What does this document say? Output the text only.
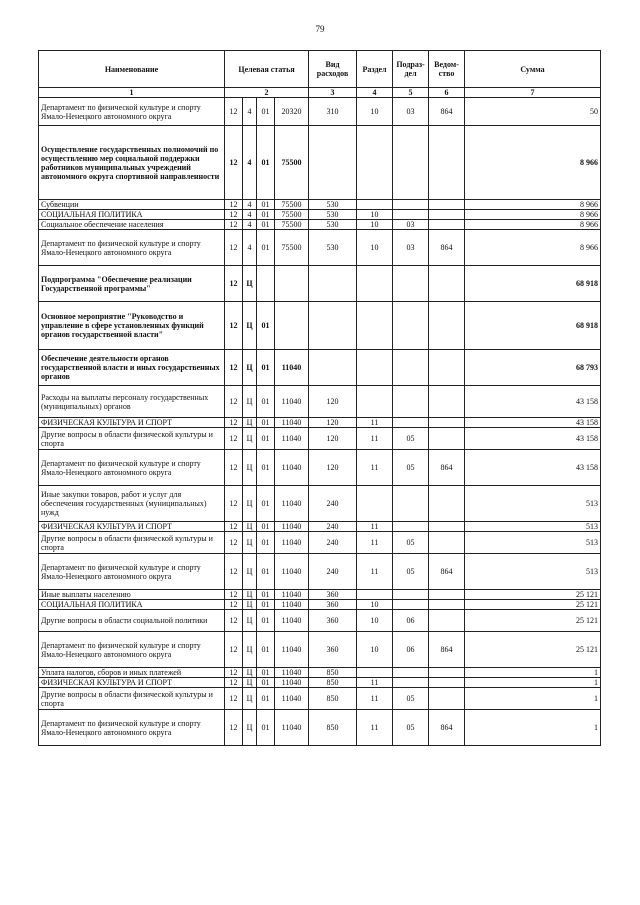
79
Наименование	Целевая статья				Вид расходов	Раздел	Подраз-дел	Ведом-ство	Сумма
1	2				3	4	5	6	7
Департамент по физической культуре и спорту Ямало-Ненецкого автономного округа	12	4	01	20320	310	10	03	864	50
Осуществление государственных полномочий по осуществлению мер социальной поддержки работников муниципальных учреждений автономного округа спортивной направленности	12	4	01	75500					8 966
Субвенции	12	4	01	75500	530				8 966
СОЦИАЛЬНАЯ ПОЛИТИКА	12	4	01	75500	530	10			8 966
Социальное обеспечение населения	12	4	01	75500	530	10	03		8 966
Департамент по физической культуре и спорту Ямало-Ненецкого автономного округа	12	4	01	75500	530	10	03	864	8 966
Подпрограмма "Обеспечение реализации Государственной программы"	12	Ц							68 918
Основное мероприятие "Руководство и управление в сфере установленных функций органов государственной власти"	12	Ц	01						68 918
Обеспечение деятельности органов государственной власти и иных государственных органов	12	Ц	01	11040					68 793
Расходы на выплаты персоналу государственных (муниципальных) органов	12	Ц	01	11040	120				43 158
ФИЗИЧЕСКАЯ КУЛЬТУРА И СПОРТ	12	Ц	01	11040	120	11			43 158
Другие вопросы в области физической культуры и спорта	12	Ц	01	11040	120	11	05		43 158
Департамент по физической культуре и спорту Ямало-Ненецкого автономного округа	12	Ц	01	11040	120	11	05	864	43 158
Иные закупки товаров, работ и услуг для обеспечения государственных (муниципальных) нужд	12	Ц	01	11040	240				513
ФИЗИЧЕСКАЯ КУЛЬТУРА И СПОРТ	12	Ц	01	11040	240	11			513
Другие вопросы в области физической культуры и спорта	12	Ц	01	11040	240	11	05		513
Департамент по физической культуре и спорту Ямало-Ненецкого автономного округа	12	Ц	01	11040	240	11	05	864	513
Иные выплаты населению	12	Ц	01	11040	360				25 121
СОЦИАЛЬНАЯ ПОЛИТИКА	12	Ц	01	11040	360	10			25 121
Другие вопросы в области социальной политики	12	Ц	01	11040	360	10	06		25 121
Департамент по физической культуре и спорту Ямало-Ненецкого автономного округа	12	Ц	01	11040	360	10	06	864	25 121
Уплата налогов, сборов и иных платежей	12	Ц	01	11040	850				1
ФИЗИЧЕСКАЯ КУЛЬТУРА И СПОРТ	12	Ц	01	11040	850	11			1
Другие вопросы в области физической культуры и спорта	12	Ц	01	11040	850	11	05		1
Департамент по физической культуре и спорту Ямало-Ненецкого автономного округа	12	Ц	01	11040	850	11	05	864	1
